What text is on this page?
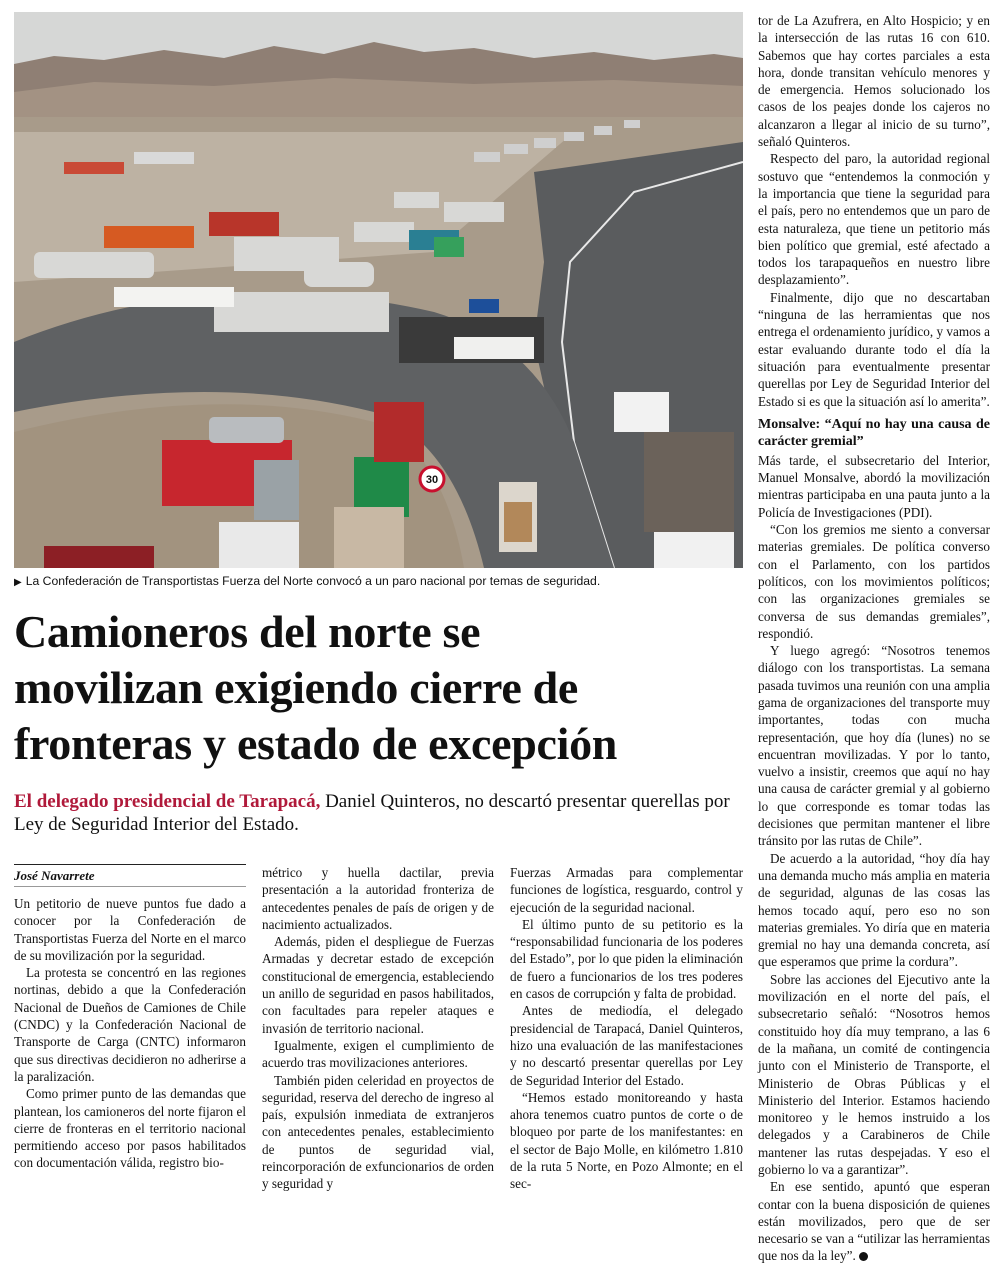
30
▶ La Confederación de Transportistas Fuerza del Norte convocó a un paro nacional por temas de seguridad.
Camioneros del norte se
movilizan exigiendo cierre de
fronteras y estado de excepción
El delegado presidencial de Tarapacá, Daniel Quinteros, no descartó presentar querellas por Ley de Seguridad Interior del Estado.
José Navarrete

Un petitorio de nueve puntos fue dado a conocer por la Confederación de Transportistas Fuerza del Norte en el marco de su movilización por la seguridad.

La protesta se concentró en las regiones nortinas, debido a que la Confederación Nacional de Dueños de Camiones de Chile (CNDC) y la Confederación Nacional de Transporte de Carga (CNTC) informaron que sus directivas decidieron no adherirse a la paralización.

Como primer punto de las demandas que plantean, los camioneros del norte fijaron el cierre de fronteras en el territorio nacional permitiendo acceso por pasos habilitados con documentación válida, registro bio-

métrico y huella dactilar, previa presentación a la autoridad fronteriza de antecedentes penales de país de origen y de nacimiento actualizados.

Además, piden el despliegue de Fuerzas Armadas y decretar estado de excepción constitucional de emergencia, estableciendo un anillo de seguridad en pasos habilitados, con facultades para repeler ataques e invasión de territorio nacional.

Igualmente, exigen el cumplimiento de acuerdo tras movilizaciones anteriores.

También piden celeridad en proyectos de seguridad, reserva del derecho de ingreso al país, expulsión inmediata de extranjeros con antecedentes penales, establecimiento de puntos de seguridad vial, reincorporación de exfuncionarios de orden y seguridad y

Fuerzas Armadas para complementar funciones de logística, resguardo, control y ejecución de la seguridad nacional.

El último punto de su petitorio es la “responsabilidad funcionaria de los poderes del Estado”, por lo que piden la eliminación de fuero a funcionarios de los tres poderes en casos de corrupción y falta de probidad.

Antes de mediodía, el delegado presidencial de Tarapacá, Daniel Quinteros, hizo una evaluación de las manifestaciones y no descartó presentar querellas por Ley de Seguridad Interior del Estado.

“Hemos estado monitoreando y hasta ahora tenemos cuatro puntos de corte o de bloqueo por parte de los manifestantes: en el sector de Bajo Molle, en kilómetro 1.810 de la ruta 5 Norte, en Pozo Almonte; en el sec-

tor de La Azufrera, en Alto Hospicio; y en la intersección de las rutas 16 con 610. Sabemos que hay cortes parciales a esta hora, donde transitan vehículo menores y de emergencia. Hemos solucionado los casos de los peajes donde los cajeros no alcanzaron a llegar al inicio de su turno”, señaló Quinteros.

Respecto del paro, la autoridad regional sostuvo que “entendemos la conmoción y la importancia que tiene la seguridad para el país, pero no entendemos que un paro de esta naturaleza, que tiene un petitorio más bien político que gremial, esté afectado a todos los tarapaqueños en nuestro libre desplazamiento”.

Finalmente, dijo que no descartaban “ninguna de las herramientas que nos entrega el ordenamiento jurídico, y vamos a estar evaluando durante todo el día la situación para eventualmente presentar querellas por Ley de Seguridad Interior del Estado si es que la situación así lo amerita”.

Monsalve: “Aquí no hay una causa de carácter gremial”

Más tarde, el subsecretario del Interior, Manuel Monsalve, abordó la movilización mientras participaba en una pauta junto a la Policía de Investigaciones (PDI).

“Con los gremios me siento a conversar materias gremiales. De política converso con el Parlamento, con los partidos políticos, con los movimientos políticos; con las organizaciones gremiales se conversa de sus demandas gremiales”, respondió.

Y luego agregó: “Nosotros tenemos diálogo con los transportistas. La semana pasada tuvimos una reunión con una amplia gama de organizaciones del transporte muy importantes, todas con mucha representación, que hoy día (lunes) no se encuentran movilizadas. Y por lo tanto, vuelvo a insistir, creemos que aquí no hay una causa de carácter gremial y al gobierno lo que corresponde es tomar todas las decisiones que permitan mantener el libre tránsito por las rutas de Chile”.

De acuerdo a la autoridad, “hoy día hay una demanda mucho más amplia en materia de seguridad, algunas de las cosas las hemos tocado aquí, pero eso no son materias gremiales. Yo diría que en materia gremial no hay una demanda concreta, así que esperamos que prime la cordura”.

Sobre las acciones del Ejecutivo ante la movilización en el norte del país, el subsecretario señaló: “Nosotros hemos constituido hoy día muy temprano, a las 6 de la mañana, un comité de contingencia junto con el Ministerio de Transporte, el Ministerio de Obras Públicas y el Ministerio del Interior. Estamos haciendo monitoreo y le hemos instruido a los delegados y a Carabineros de Chile mantener las rutas despejadas. Y eso el gobierno lo va a garantizar”.

En ese sentido, apuntó que esperan contar con la buena disposición de quienes están movilizados, pero que de ser necesario se van a “utilizar las herramientas que nos da la ley”.
